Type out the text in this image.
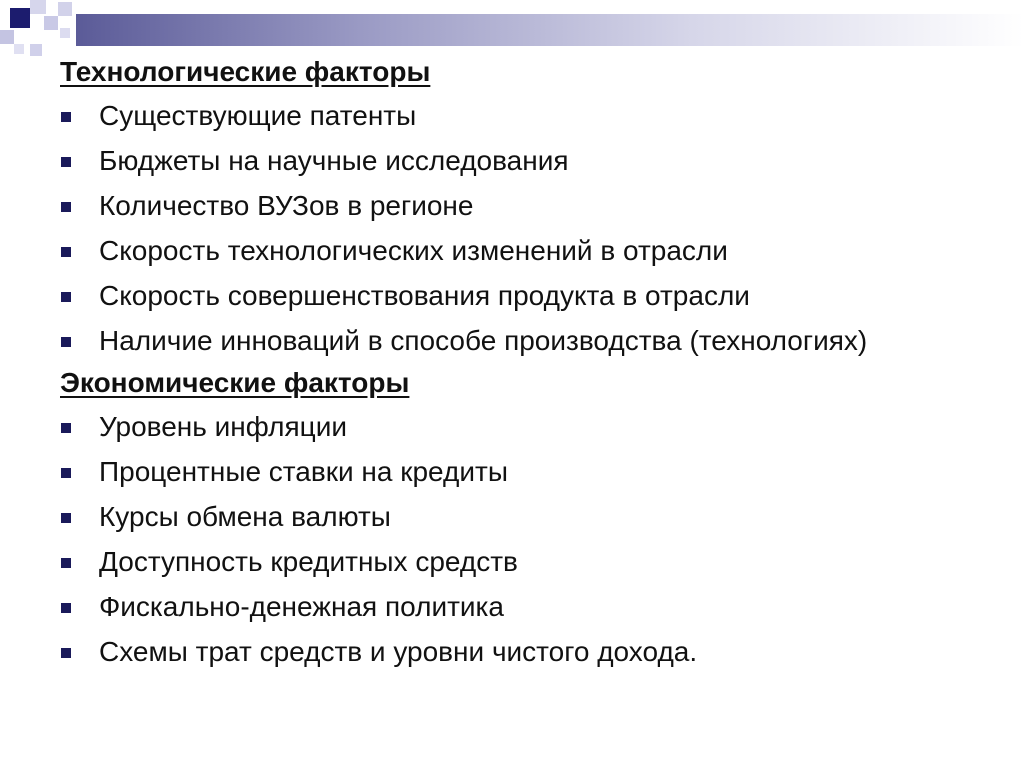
Технологические факторы
Существующие патенты
Бюджеты на научные исследования
Количество ВУЗов в регионе
Скорость технологических изменений в отрасли
Скорость совершенствования продукта в отрасли
Наличие инноваций в способе производства (технологиях)
Экономические факторы
Уровень инфляции
Процентные ставки на кредиты
Курсы обмена валюты
Доступность кредитных средств
Фискально-денежная политика
Схемы трат средств и уровни чистого дохода.
